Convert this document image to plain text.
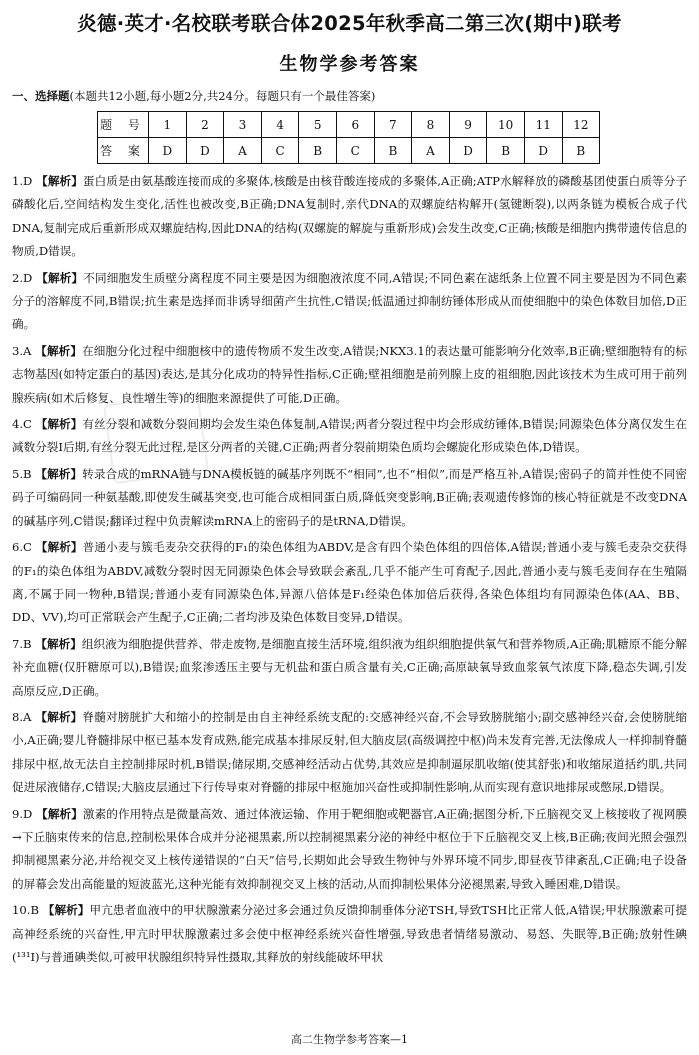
炎德·英才·名校联考联合体2025年秋季高二第三次(期中)联考
生物学参考答案
一、选择题(本题共12小题,每小题2分,共24分。每题只有一个最佳答案)
题 号	1	2	3	4	5	6	7	8	9	10	11	12
答 案	D	D	A	C	B	C	B	A	D	B	D	B

1.D 【解析】蛋白质是由氨基酸连接而成的多聚体,核酸是由核苷酸连接成的多聚体,A正确;ATP水解释放的磷酸基团使蛋白质等分子磷酸化后,空间结构发生变化,活性也被改变,B正确;DNA复制时,亲代DNA的双螺旋结构解开(氢键断裂),以两条链为模板合成子代DNA,复制完成后重新形成双螺旋结构,因此DNA的结构(双螺旋的解旋与重新形成)会发生改变,C正确;核酸是细胞内携带遗传信息的物质,D错误。

2.D 【解析】不同细胞发生质壁分离程度不同主要是因为细胞液浓度不同,A错误;不同色素在滤纸条上位置不同主要是因为不同色素分子的溶解度不同,B错误;抗生素是选择而非诱导细菌产生抗性,C错误;低温通过抑制纺锤体形成从而使细胞中的染色体数目加倍,D正确。

3.A 【解析】在细胞分化过程中细胞核中的遗传物质不发生改变,A错误;NKX3.1的表达量可能影响分化效率,B正确;壁细胞特有的标志物基因(如特定蛋白的基因)表达,是其分化成功的特异性指标,C正确;壁祖细胞是前列腺上皮的祖细胞,因此该技术为生成可用于前列腺疾病(如术后修复、良性增生等)的细胞来源提供了可能,D正确。

4.C 【解析】有丝分裂和减数分裂间期均会发生染色体复制,A错误;两者分裂过程中均会形成纺锤体,B错误;同源染色体分离仅发生在减数分裂Ⅰ后期,有丝分裂无此过程,是区分两者的关键,C正确;两者分裂前期染色质均会螺旋化形成染色体,D错误。

5.B 【解析】转录合成的mRNA链与DNA模板链的碱基序列既不“相同”,也不“相似”,而是严格互补,A错误;密码子的简并性使不同密码子可编码同一种氨基酸,即使发生碱基突变,也可能合成相同蛋白质,降低突变影响,B正确;表观遗传修饰的核心特征就是不改变DNA的碱基序列,C错误;翻译过程中负责解读mRNA上的密码子的是tRNA,D错误。

6.C 【解析】普通小麦与簇毛麦杂交获得的F₁的染色体组为ABDV,是含有四个染色体组的四倍体,A错误;普通小麦与簇毛麦杂交获得的F₁的染色体组为ABDV,减数分裂时因无同源染色体会导致联会紊乱,几乎不能产生可育配子,因此,普通小麦与簇毛麦间存在生殖隔离,不属于同一物种,B错误;普通小麦有同源染色体,异源八倍体是F₁经染色体加倍后获得,各染色体组均有同源染色体(AA、BB、DD、VV),均可正常联会产生配子,C正确;二者均涉及染色体数目变异,D错误。

7.B 【解析】组织液为细胞提供营养、带走废物,是细胞直接生活环境,组织液为组织细胞提供氧气和营养物质,A正确;肌糖原不能分解补充血糖(仅肝糖原可以),B错误;血浆渗透压主要与无机盐和蛋白质含量有关,C正确;高原缺氧导致血浆氧气浓度下降,稳态失调,引发高原反应,D正确。

8.A 【解析】脊髓对膀胱扩大和缩小的控制是由自主神经系统支配的:交感神经兴奋,不会导致膀胱缩小;副交感神经兴奋,会使膀胱缩小,A正确;婴儿脊髓排尿中枢已基本发育成熟,能完成基本排尿反射,但大脑皮层(高级调控中枢)尚未发育完善,无法像成人一样抑制脊髓排尿中枢,故无法自主控制排尿时机,B错误;储尿期,交感神经活动占优势,其效应是抑制逼尿肌收缩(使其舒张)和收缩尿道括约肌,共同促进尿液储存,C错误;大脑皮层通过下行传导束对脊髓的排尿中枢施加兴奋性或抑制性影响,从而实现有意识地排尿或憋尿,D错误。

9.D 【解析】激素的作用特点是微量高效、通过体液运输、作用于靶细胞或靶器官,A正确;据图分析,下丘脑视交叉上核接收了视网膜→下丘脑束传来的信息,控制松果体合成并分泌褪黑素,所以控制褪黑素分泌的神经中枢位于下丘脑视交叉上核,B正确;夜间光照会强烈抑制褪黑素分泌,并给视交叉上核传递错误的“白天”信号,长期如此会导致生物钟与外界环境不同步,即昼夜节律紊乱,C正确;电子设备的屏幕会发出高能量的短波蓝光,这种光能有效抑制视交叉上核的活动,从而抑制松果体分泌褪黑素,导致入睡困难,D错误。

10.B 【解析】甲亢患者血液中的甲状腺激素分泌过多会通过负反馈抑制垂体分泌TSH,导致TSH比正常人低,A错误;甲状腺激素可提高神经系统的兴奋性,甲亢时甲状腺激素过多会使中枢神经系统兴奋性增强,导致患者情绪易激动、易怒、失眠等,B正确;放射性碘(¹³¹I)与普通碘类似,可被甲状腺组织特异性摄取,其释放的射线能破坏甲状

高二生物学参考答案—1
